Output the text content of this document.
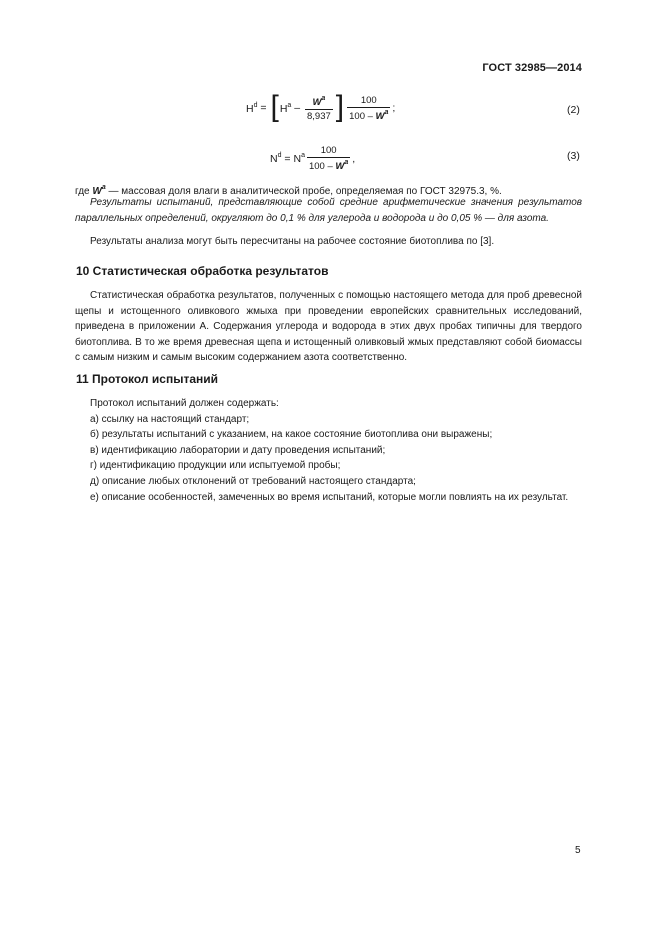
ГОСТ 32985—2014
$H^d$ = [ $H^a - \frac{W^a}{8,937}$ ] $\frac{100}{100 - W^a}$ ;	(2)
$N^d = N^a \frac{100}{100 - W^a}$ ,	(3)
где $W^a$ — массовая доля влаги в аналитической пробе, определяемая по ГОСТ 32975.3, %.
Результаты испытаний, представляющие собой средние арифметические значения результатов параллельных определений, округляют до 0,1 % для углерода и водорода и до 0,05 % — для азота.
Результаты анализа могут быть пересчитаны на рабочее состояние биотоплива по [3].
10 Статистическая обработка результатов
Статистическая обработка результатов, полученных с помощью настоящего метода для проб древесной щепы и истощенного оливкового жмыха при проведении европейских сравнительных исследований, приведена в приложении А. Содержания углерода и водорода в этих двух пробах типичны для твердого биотоплива. В то же время древесная щепа и истощенный оливковый жмых представляют собой биомассы с самым низким и самым высоким содержанием азота соответственно.
11 Протокол испытаний
Протокол испытаний должен содержать:
а) ссылку на настоящий стандарт;
б) результаты испытаний с указанием, на какое состояние биотоплива они выражены;
в) идентификацию лаборатории и дату проведения испытаний;
г) идентификацию продукции или испытуемой пробы;
д) описание любых отклонений от требований настоящего стандарта;
е) описание особенностей, замеченных во время испытаний, которые могли повлиять на их результат.
5
